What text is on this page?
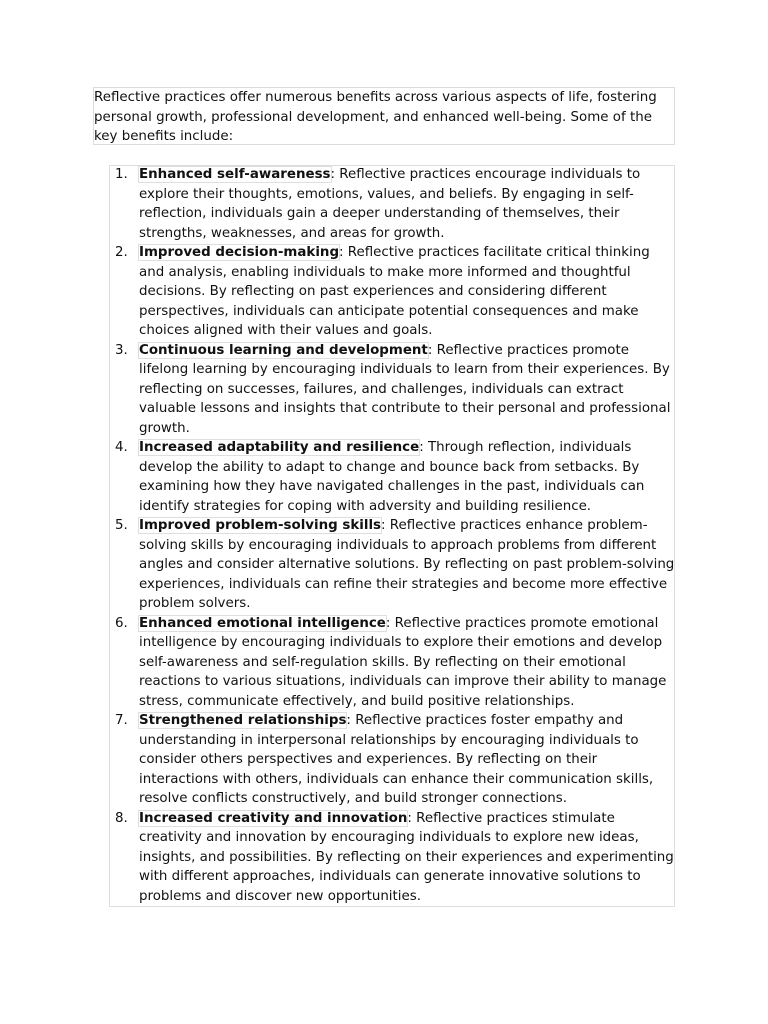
Reflective practices offer numerous benefits across various aspects of life, fostering personal growth, professional development, and enhanced well-being. Some of the key benefits include:

1. Enhanced self-awareness: Reflective practices encourage individuals to explore their thoughts, emotions, values, and beliefs. By engaging in self-reflection, individuals gain a deeper understanding of themselves, their strengths, weaknesses, and areas for growth.
2. Improved decision-making: Reflective practices facilitate critical thinking and analysis, enabling individuals to make more informed and thoughtful decisions. By reflecting on past experiences and considering different perspectives, individuals can anticipate potential consequences and make choices aligned with their values and goals.
3. Continuous learning and development: Reflective practices promote lifelong learning by encouraging individuals to learn from their experiences. By reflecting on successes, failures, and challenges, individuals can extract valuable lessons and insights that contribute to their personal and professional growth.
4. Increased adaptability and resilience: Through reflection, individuals develop the ability to adapt to change and bounce back from setbacks. By examining how they have navigated challenges in the past, individuals can identify strategies for coping with adversity and building resilience.
5. Improved problem-solving skills: Reflective practices enhance problem-solving skills by encouraging individuals to approach problems from different angles and consider alternative solutions. By reflecting on past problem-solving experiences, individuals can refine their strategies and become more effective problem solvers.
6. Enhanced emotional intelligence: Reflective practices promote emotional intelligence by encouraging individuals to explore their emotions and develop self-awareness and self-regulation skills. By reflecting on their emotional reactions to various situations, individuals can improve their ability to manage stress, communicate effectively, and build positive relationships.
7. Strengthened relationships: Reflective practices foster empathy and understanding in interpersonal relationships by encouraging individuals to consider others perspectives and experiences. By reflecting on their interactions with others, individuals can enhance their communication skills, resolve conflicts constructively, and build stronger connections.
8. Increased creativity and innovation: Reflective practices stimulate creativity and innovation by encouraging individuals to explore new ideas, insights, and possibilities. By reflecting on their experiences and experimenting with different approaches, individuals can generate innovative solutions to problems and discover new opportunities.
